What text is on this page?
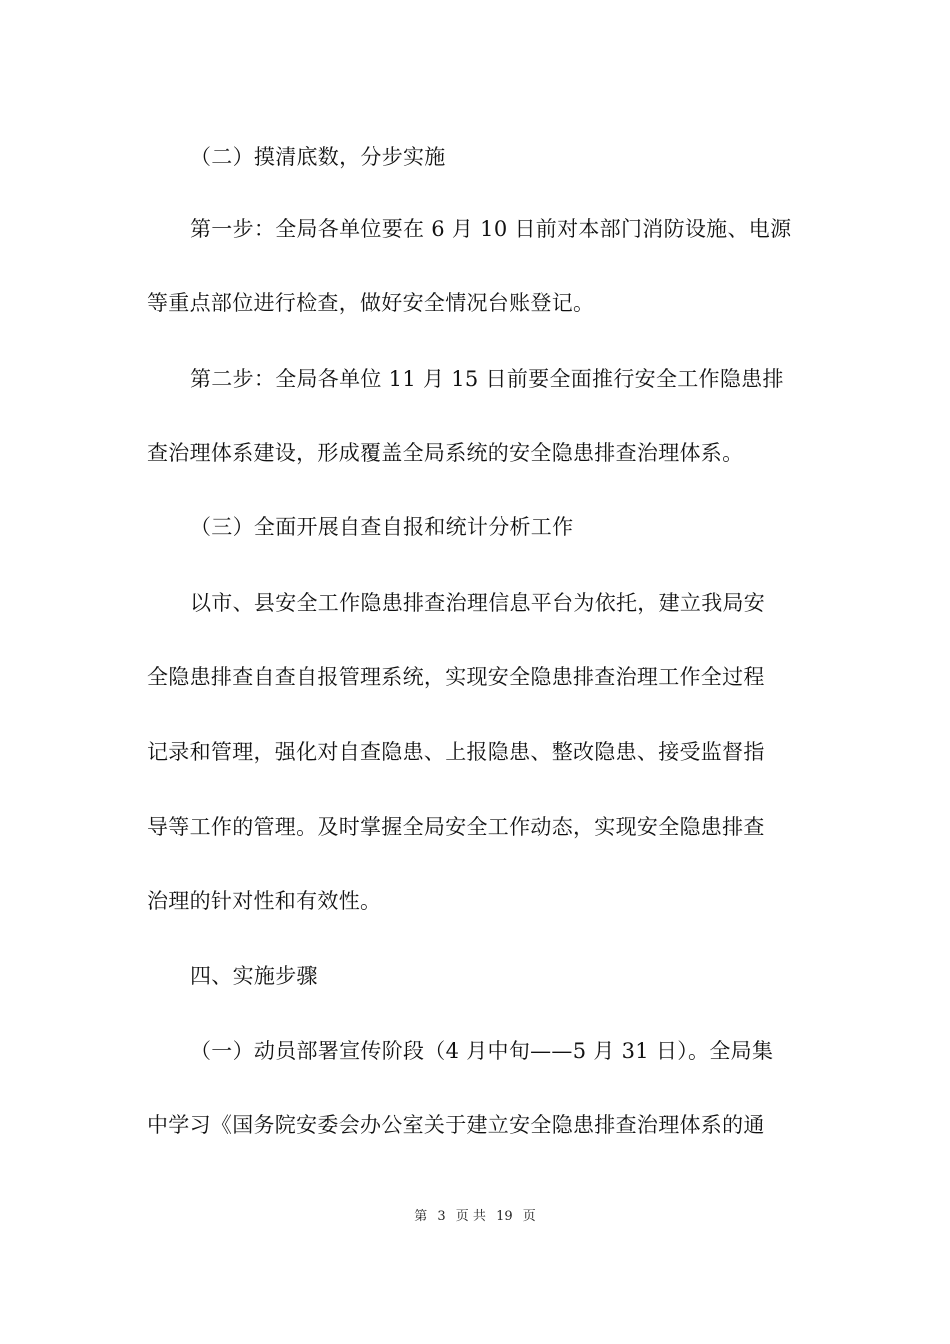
（二）摸清底数，分步实施
第一步：全局各单位要在 6 月 10 日前对本部门消防设施、电源
等重点部位进行检查，做好安全情况台账登记。
第二步：全局各单位 11 月 15 日前要全面推行安全工作隐患排
查治理体系建设，形成覆盖全局系统的安全隐患排查治理体系。
（三）全面开展自查自报和统计分析工作
以市、县安全工作隐患排查治理信息平台为依托，建立我局安
全隐患排查自查自报管理系统，实现安全隐患排查治理工作全过程
记录和管理，强化对自查隐患、上报隐患、整改隐患、接受监督指
导等工作的管理。及时掌握全局安全工作动态，实现安全隐患排查
治理的针对性和有效性。
四、实施步骤
（一）动员部署宣传阶段（4 月中旬——5 月 31 日）。全局集
中学习《国务院安委会办公室关于建立安全隐患排查治理体系的通
第 3 页 共 19 页
